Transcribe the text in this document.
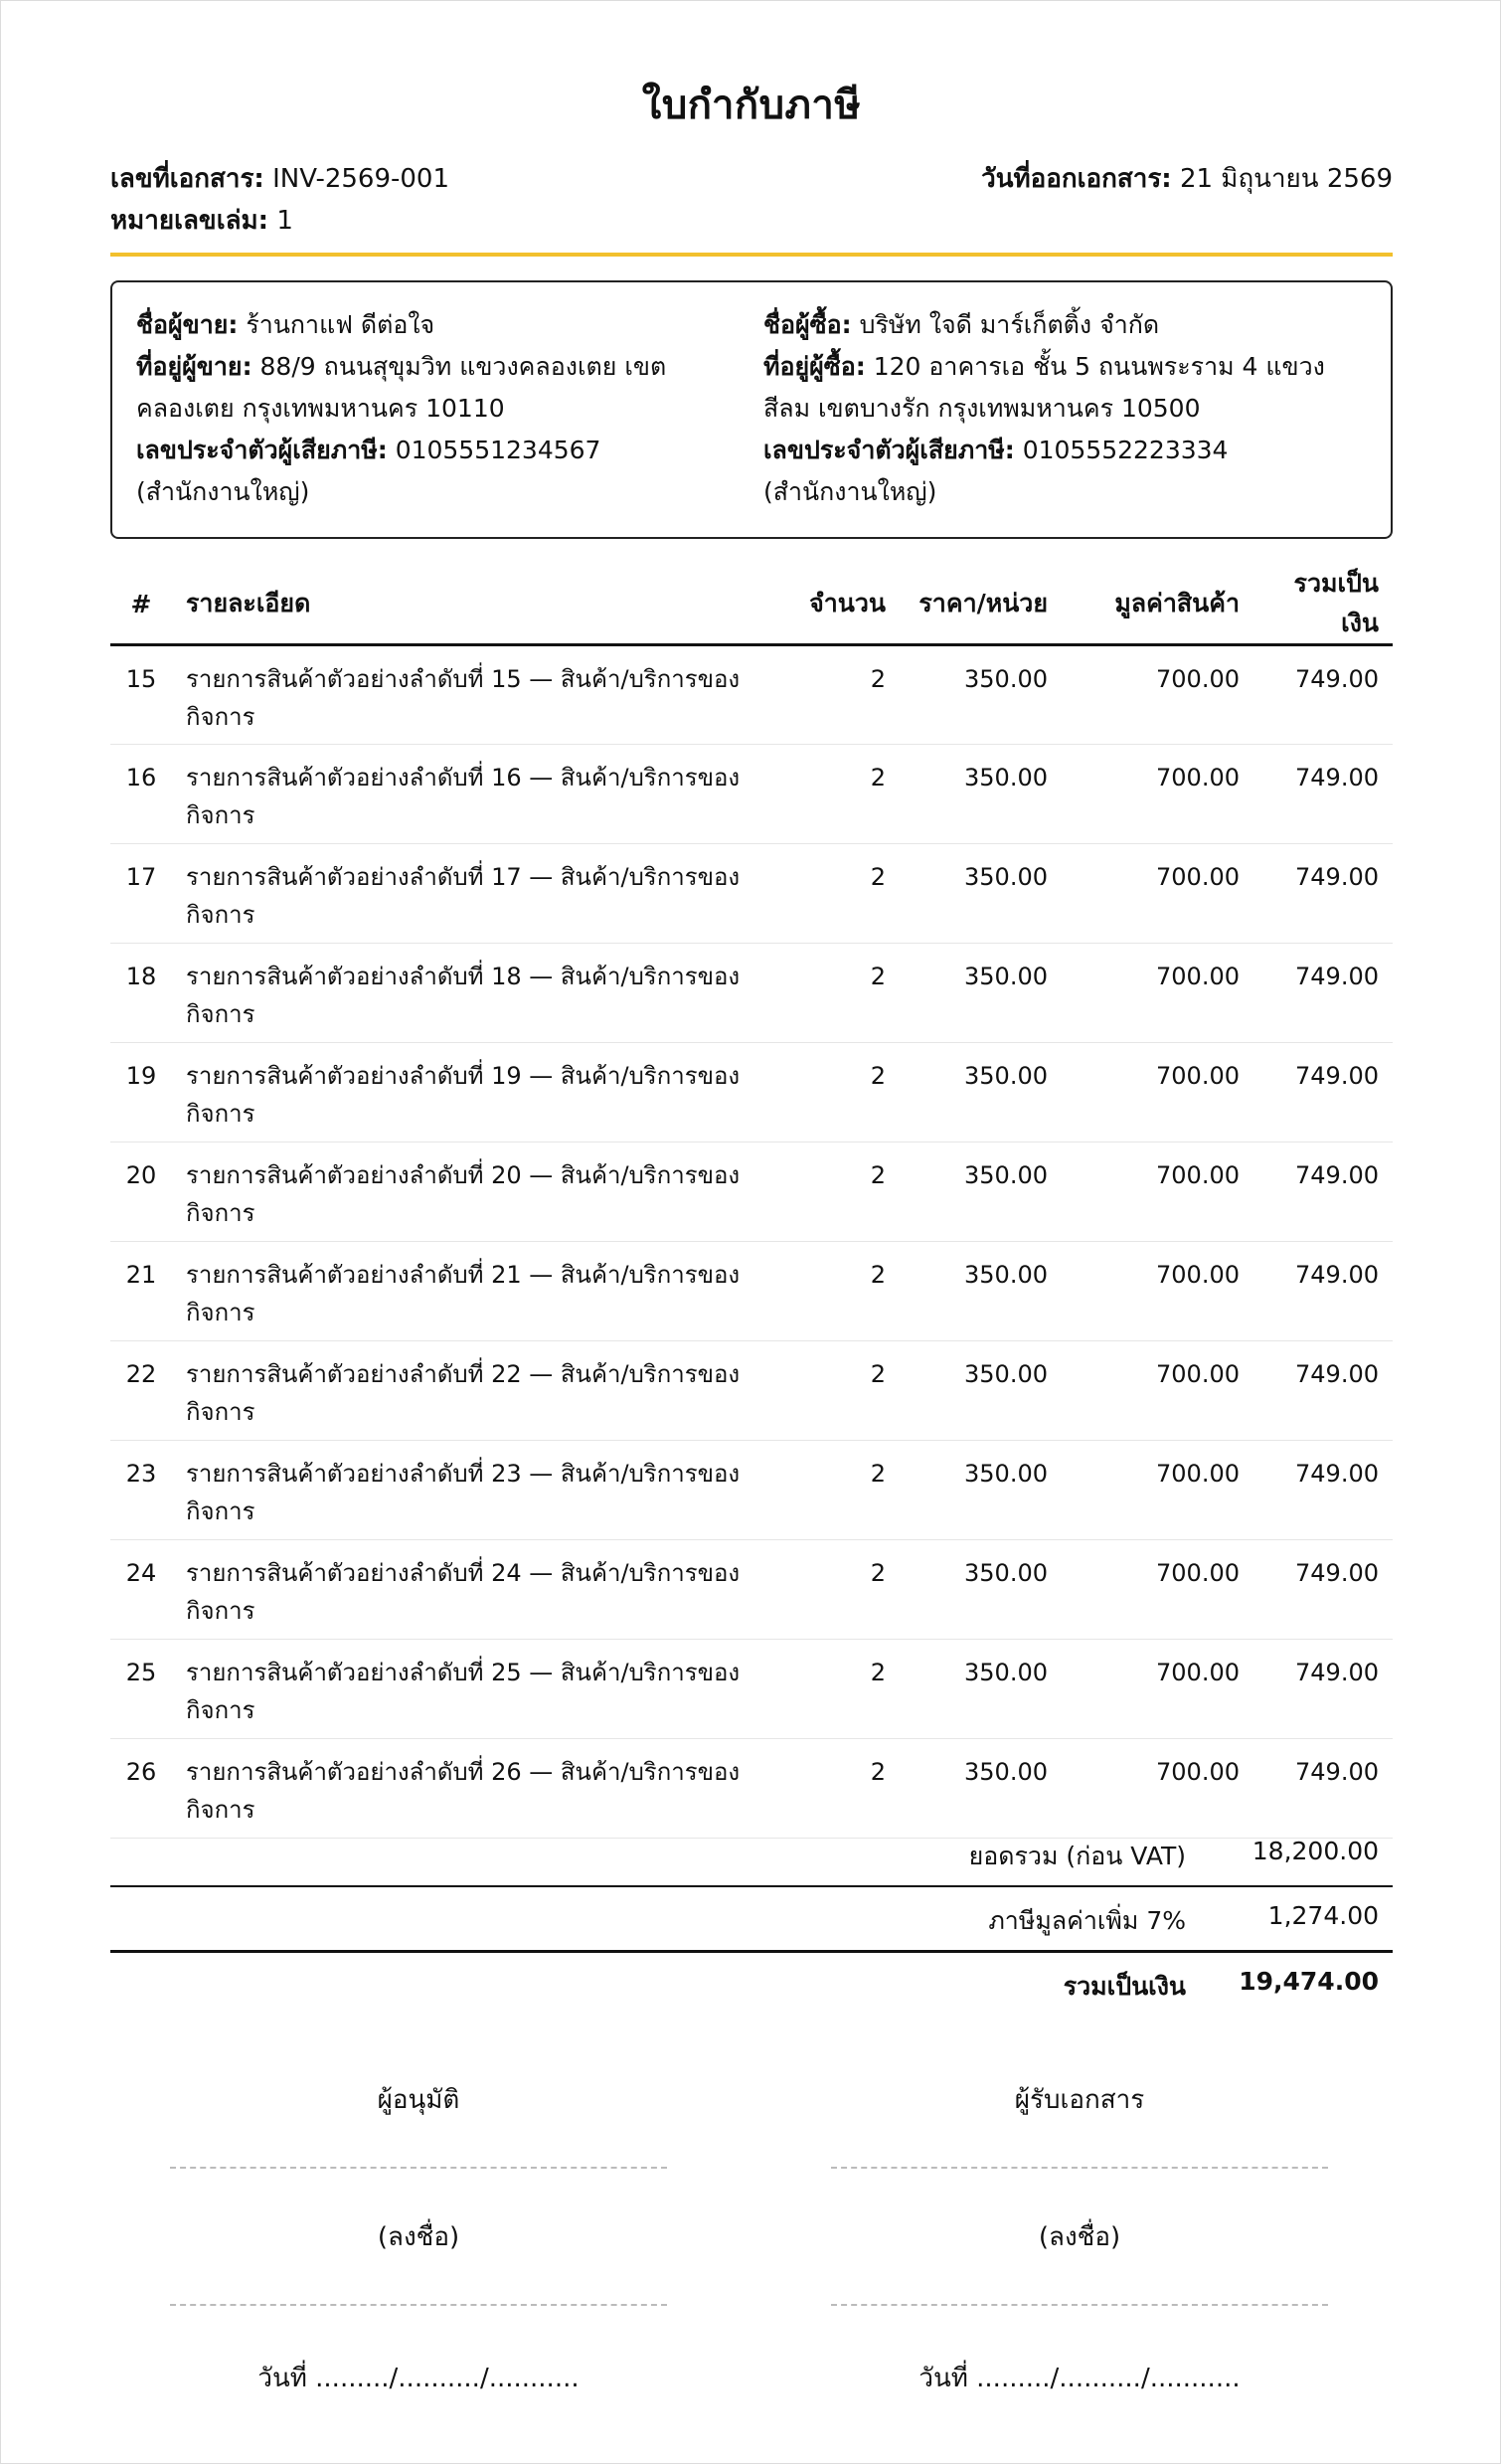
ใบกำกับภาษี
เลขที่เอกสาร: INV-2569-001	วันที่ออกเอกสาร: 21 มิถุนายน 2569
หมายเลขเล่ม: 1
ชื่อผู้ขาย: ร้านกาแฟ ดีต่อใจ
ที่อยู่ผู้ขาย: 88/9 ถนนสุขุมวิท แขวงคลองเตย เขตคลองเตย กรุงเทพมหานคร 10110
เลขประจำตัวผู้เสียภาษี: 0105551234567 (สำนักงานใหญ่)
ชื่อผู้ซื้อ: บริษัท ใจดี มาร์เก็ตติ้ง จำกัด
ที่อยู่ผู้ซื้อ: 120 อาคารเอ ชั้น 5 ถนนพระราม 4 แขวงสีลม เขตบางรัก กรุงเทพมหานคร 10500
เลขประจำตัวผู้เสียภาษี: 0105552223334 (สำนักงานใหญ่)
#	รายละเอียด	จำนวน	ราคา/หน่วย	มูลค่าสินค้า	รวมเป็นเงิน
15	รายการสินค้าตัวอย่างลำดับที่ 15 — สินค้า/บริการของกิจการ	2	350.00	700.00	749.00
16	รายการสินค้าตัวอย่างลำดับที่ 16 — สินค้า/บริการของกิจการ	2	350.00	700.00	749.00
17	รายการสินค้าตัวอย่างลำดับที่ 17 — สินค้า/บริการของกิจการ	2	350.00	700.00	749.00
18	รายการสินค้าตัวอย่างลำดับที่ 18 — สินค้า/บริการของกิจการ	2	350.00	700.00	749.00
19	รายการสินค้าตัวอย่างลำดับที่ 19 — สินค้า/บริการของกิจการ	2	350.00	700.00	749.00
20	รายการสินค้าตัวอย่างลำดับที่ 20 — สินค้า/บริการของกิจการ	2	350.00	700.00	749.00
21	รายการสินค้าตัวอย่างลำดับที่ 21 — สินค้า/บริการของกิจการ	2	350.00	700.00	749.00
22	รายการสินค้าตัวอย่างลำดับที่ 22 — สินค้า/บริการของกิจการ	2	350.00	700.00	749.00
23	รายการสินค้าตัวอย่างลำดับที่ 23 — สินค้า/บริการของกิจการ	2	350.00	700.00	749.00
24	รายการสินค้าตัวอย่างลำดับที่ 24 — สินค้า/บริการของกิจการ	2	350.00	700.00	749.00
25	รายการสินค้าตัวอย่างลำดับที่ 25 — สินค้า/บริการของกิจการ	2	350.00	700.00	749.00
26	รายการสินค้าตัวอย่างลำดับที่ 26 — สินค้า/บริการของกิจการ	2	350.00	700.00	749.00
ยอดรวม (ก่อน VAT)	18,200.00
ภาษีมูลค่าเพิ่ม 7%	1,274.00
รวมเป็นเงิน 19,474.00
ผู้อนุมัติ
(ลงชื่อ)
วันที่ ........./........../...........
ผู้รับเอกสาร
(ลงชื่อ)
วันที่ ........./........../...........
